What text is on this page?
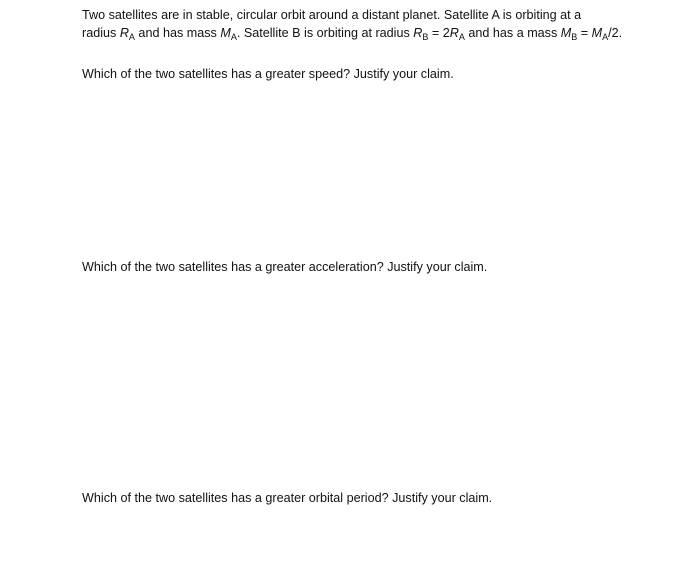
Two satellites are in stable, circular orbit around a distant planet. Satellite A is orbiting at a
radius $R_A$ and has mass $M_A$. Satellite B is orbiting at radius $R_B = 2R_A$ and has a mass $M_B = M_A/2$.

Which of the two satellites has a greater speed? Justify your claim.

Which of the two satellites has a greater acceleration? Justify your claim.

Which of the two satellites has a greater orbital period? Justify your claim.
